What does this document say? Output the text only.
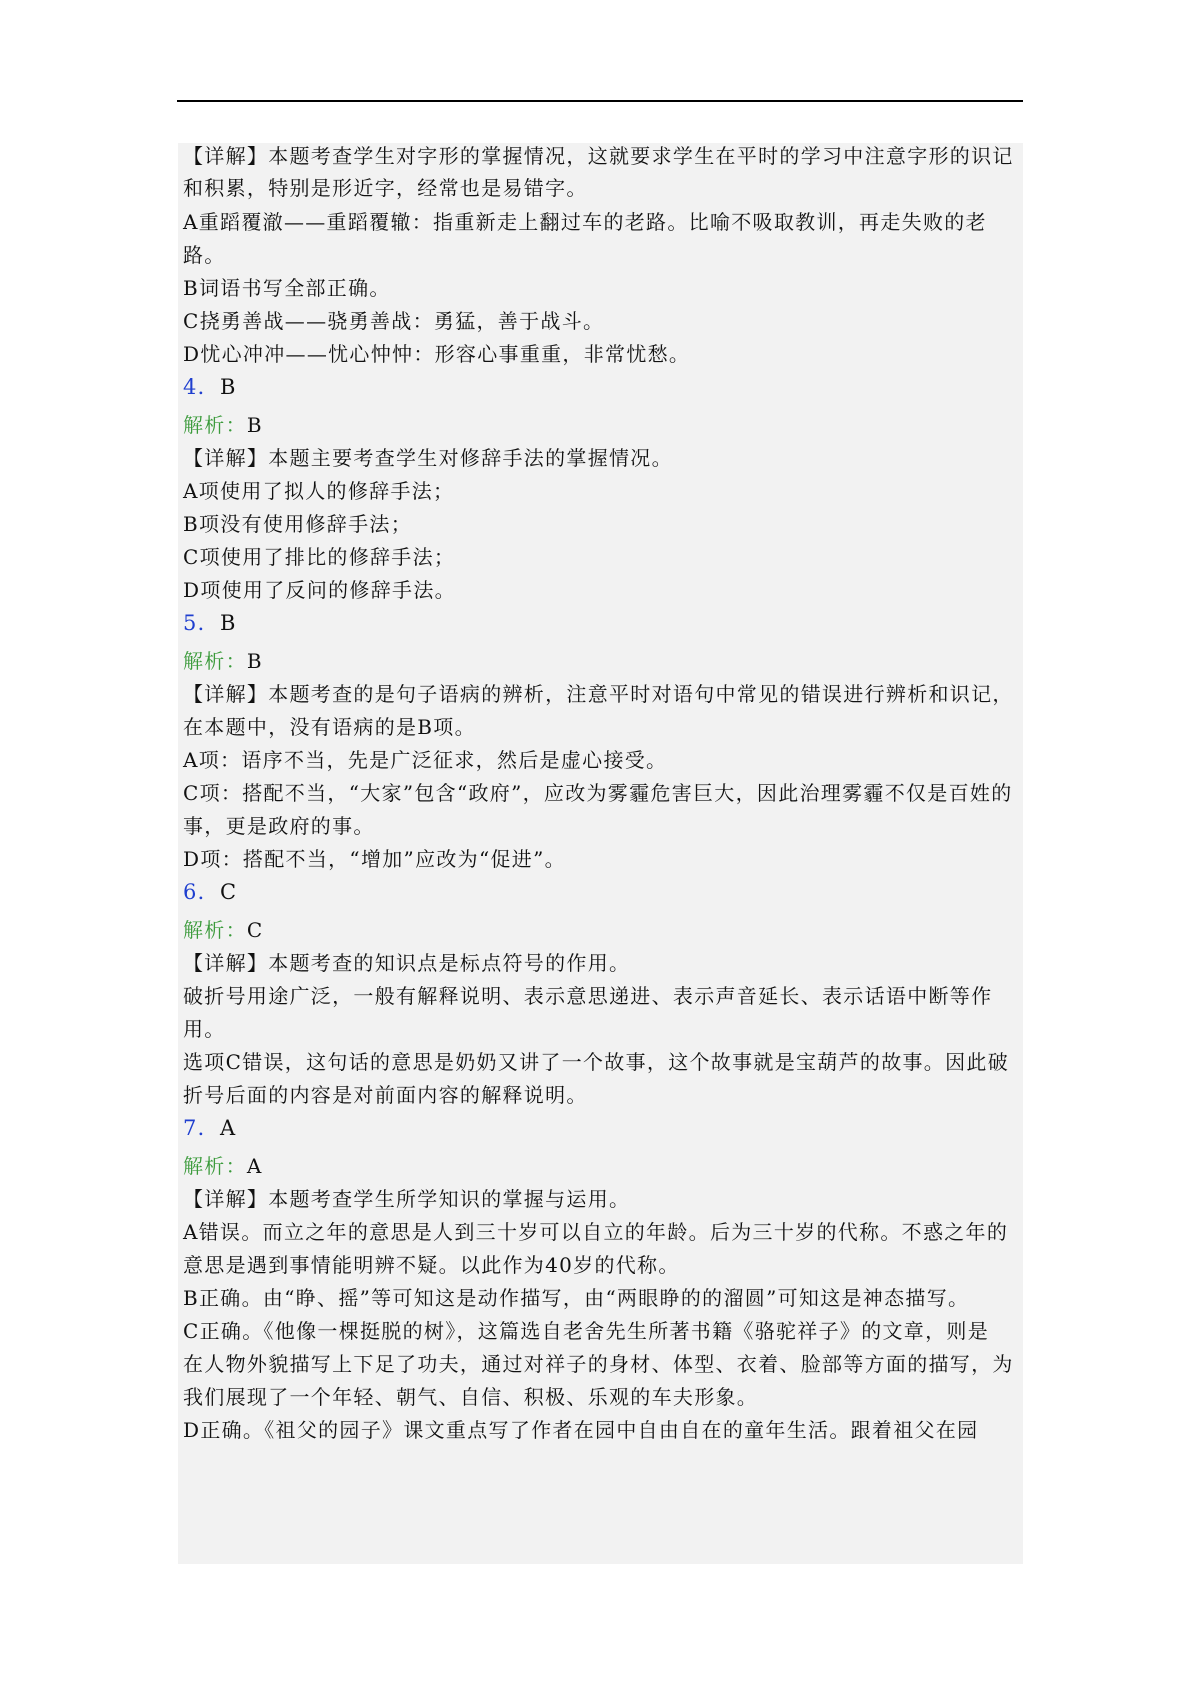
【详解】本题考查学生对字形的掌握情况，这就要求学生在平时的学习中注意字形的识记
和积累，特别是形近字，经常也是易错字。
A重蹈覆澈——重蹈覆辙：指重新走上翻过车的老路。比喻不吸取教训，再走失败的老
路。
B词语书写全部正确。
C挠勇善战——骁勇善战：勇猛，善于战斗。
D忧心冲冲——忧心忡忡：形容心事重重，非常忧愁。
4．B
解析：B
【详解】本题主要考查学生对修辞手法的掌握情况。
A项使用了拟人的修辞手法；
B项没有使用修辞手法；
C项使用了排比的修辞手法；
D项使用了反问的修辞手法。
5．B
解析：B
【详解】本题考查的是句子语病的辨析，注意平时对语句中常见的错误进行辨析和识记，
在本题中，没有语病的是B项。
A项：语序不当，先是广泛征求，然后是虚心接受。
C项：搭配不当，“大家”包含“政府”，应改为雾霾危害巨大，因此治理雾霾不仅是百姓的
事，更是政府的事。
D项：搭配不当，“增加”应改为“促进”。
6．C
解析：C
【详解】本题考查的知识点是标点符号的作用。
破折号用途广泛，一般有解释说明、表示意思递进、表示声音延长、表示话语中断等作
用。
选项C错误，这句话的意思是奶奶又讲了一个故事，这个故事就是宝葫芦的故事。因此破
折号后面的内容是对前面内容的解释说明。
7．A
解析：A
【详解】本题考查学生所学知识的掌握与运用。
A错误。而立之年的意思是人到三十岁可以自立的年龄。后为三十岁的代称。不惑之年的
意思是遇到事情能明辨不疑。以此作为40岁的代称。
B正确。由“睁、摇”等可知这是动作描写，由“两眼睁的的溜圆”可知这是神态描写。
C正确。《他像一棵挺脱的树》，这篇选自老舍先生所著书籍《骆驼祥子》的文章，则是
在人物外貌描写上下足了功夫，通过对祥子的身材、体型、衣着、脸部等方面的描写，为
我们展现了一个年轻、朝气、自信、积极、乐观的车夫形象。
D正确。《祖父的园子》课文重点写了作者在园中自由自在的童年生活。跟着祖父在园
